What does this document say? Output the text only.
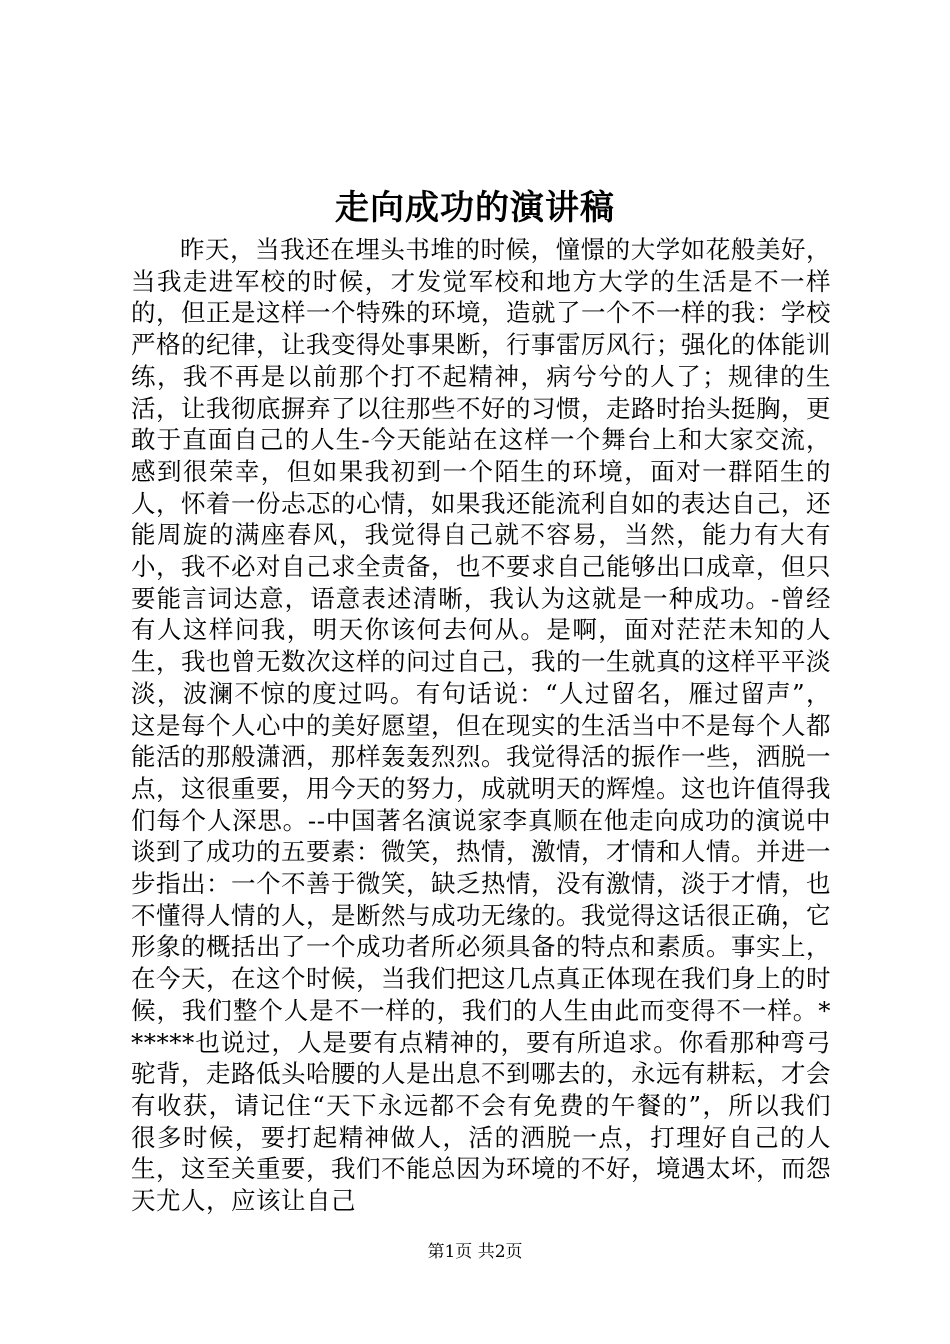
走向成功的演讲稿

昨天，当我还在埋头书堆的时候，憧憬的大学如花般美好，当我走进军校的时候，才发觉军校和地方大学的生活是不一样的，但正是这样一个特殊的环境，造就了一个不一样的我：学校严格的纪律，让我变得处事果断，行事雷厉风行；强化的体能训练，我不再是以前那个打不起精神，病兮兮的人了；规律的生活，让我彻底摒弃了以往那些不好的习惯，走路时抬头挺胸，更敢于直面自己的人生-今天能站在这样一个舞台上和大家交流，感到很荣幸，但如果我初到一个陌生的环境，面对一群陌生的人，怀着一份忐忑的心情，如果我还能流利自如的表达自己，还能周旋的满座春风，我觉得自己就不容易，当然，能力有大有小，我不必对自己求全责备，也不要求自己能够出口成章，但只要能言词达意，语意表述清晰，我认为这就是一种成功。-曾经有人这样问我，明天你该何去何从。是啊，面对茫茫未知的人生，我也曾无数次这样的问过自己，我的一生就真的这样平平淡淡，波澜不惊的度过吗。有句话说：“人过留名，雁过留声”，这是每个人心中的美好愿望，但在现实的生活当中不是每个人都能活的那般潇洒，那样轰轰烈烈。我觉得活的振作一些，洒脱一点，这很重要，用今天的努力，成就明天的辉煌。这也许值得我们每个人深思。--中国著名演说家李真顺在他走向成功的演说中谈到了成功的五要素：微笑，热情，激情，才情和人情。并进一步指出：一个不善于微笑，缺乏热情，没有激情，淡于才情，也不懂得人情的人，是断然与成功无缘的。我觉得这话很正确，它形象的概括出了一个成功者所必须具备的特点和素质。事实上，在今天，在这个时候，当我们把这几点真正体现在我们身上的时候，我们整个人是不一样的，我们的人生由此而变得不一样。******也说过，人是要有点精神的，要有所追求。你看那种弯弓驼背，走路低头哈腰的人是出息不到哪去的，永远有耕耘，才会有收获，请记住“天下永远都不会有免费的午餐的”，所以我们很多时候，要打起精神做人，活的洒脱一点，打理好自己的人生，这至关重要，我们不能总因为环境的不好，境遇太坏，而怨天尤人，应该让自己

第1页 共2页
